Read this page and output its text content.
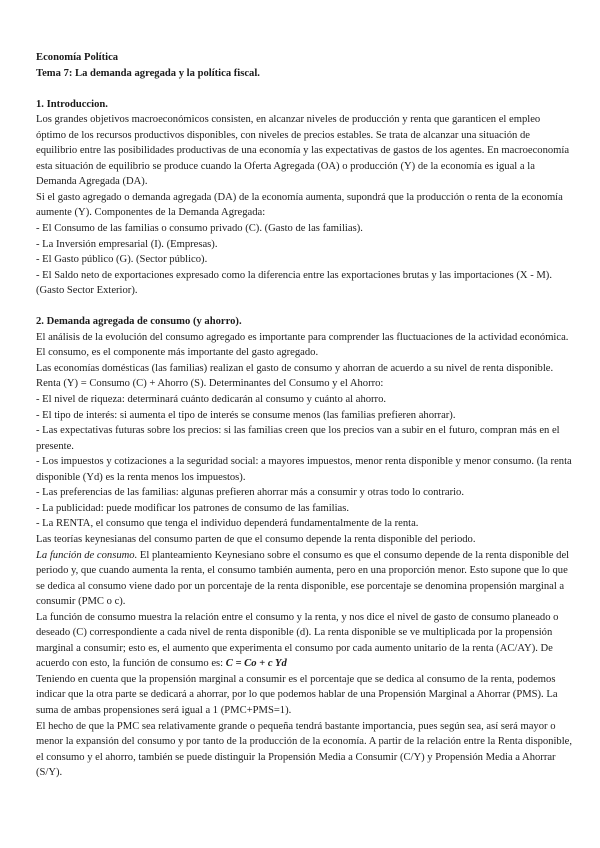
Economía Política

Tema 7: La demanda agregada y la política fiscal.

1. Introduccion.

Los grandes objetivos macroeconómicos consisten, en alcanzar niveles de producción y renta que garanticen el empleo óptimo de los recursos productivos disponibles, con niveles de precios estables. Se trata de alcanzar una situación de equilibrio entre las posibilidades productivas de una economía y las expectativas de gastos de los agentes. En macroeconomía esta situación de equilibrio se produce cuando la Oferta Agregada (OA) o producción (Y) de la economía es igual a la Demanda Agregada (DA).

Si el gasto agregado o demanda agregada (DA) de la economía aumenta, supondrá que la producción o renta de la economía aumente (Y). Componentes de la Demanda Agregada:

- El Consumo de las familias o consumo privado (C). (Gasto de las familias).

- La Inversión empresarial (I). (Empresas).

- El Gasto público (G). (Sector público).

- El Saldo neto de exportaciones expresado como la diferencia entre las exportaciones brutas y las importaciones (X - M). (Gasto Sector Exterior).

2. Demanda agregada de consumo (y ahorro).

El análisis de la evolución del consumo agregado es importante para comprender las fluctuaciones de la actividad económica. El consumo, es el componente más importante del gasto agregado.

Las economías domésticas (las familias) realizan el gasto de consumo y ahorran de acuerdo a su nivel de renta disponible. Renta (Y) = Consumo (C) + Ahorro (S). Determinantes del Consumo y el Ahorro:

- El nivel de riqueza: determinará cuánto dedicarán al consumo y cuánto al ahorro.

- El tipo de interés: si aumenta el tipo de interés se consume menos (las familias prefieren ahorrar).

- Las expectativas futuras sobre los precios: si las familias creen que los precios van a subir en el futuro, compran más en el presente.

- Los impuestos y cotizaciones a la seguridad social: a mayores impuestos, menor renta disponible y menor consumo. (la renta disponible (Yd) es la renta menos los impuestos).

- Las preferencias de las familias: algunas prefieren ahorrar más a consumir y otras todo lo contrario.

- La publicidad: puede modificar los patrones de consumo de las familias.

- La RENTA, el consumo que tenga el individuo dependerá fundamentalmente de la renta.

Las teorías keynesianas del consumo parten de que el consumo depende la renta disponible del periodo.

La función de consumo. El planteamiento Keynesiano sobre el consumo es que el consumo depende de la renta disponible del periodo y, que cuando aumenta la renta, el consumo también aumenta, pero en una proporción menor. Esto supone que lo que se dedica al consumo viene dado por un porcentaje de la renta disponible, ese porcentaje se denomina propensión marginal a consumir (PMC o c).

La función de consumo muestra la relación entre el consumo y la renta, y nos dice el nivel de gasto de consumo planeado o deseado (C) correspondiente a cada nivel de renta disponible (d). La renta disponible se ve multiplicada por la propensión marginal a consumir; esto es, el aumento que experimenta el consumo por cada aumento unitario de la renta (AC/AY). De acuerdo con esto, la función de consumo es: C = Co + c Yd

Teniendo en cuenta que la propensión marginal a consumir es el porcentaje que se dedica al consumo de la renta, podemos indicar que la otra parte se dedicará a ahorrar, por lo que podemos hablar de una Propensión Marginal a Ahorrar (PMS). La suma de ambas propensiones será igual a 1 (PMC+PMS=1).

El hecho de que la PMC sea relativamente grande o pequeña tendrá bastante importancia, pues según sea, así será mayor o menor la expansión del consumo y por tanto de la producción de la economía. A partir de la relación entre la Renta disponible, el consumo y el ahorro, también se puede distinguir la Propensión Media a Consumir (C/Y) y Propensión Media a Ahorrar (S/Y).
